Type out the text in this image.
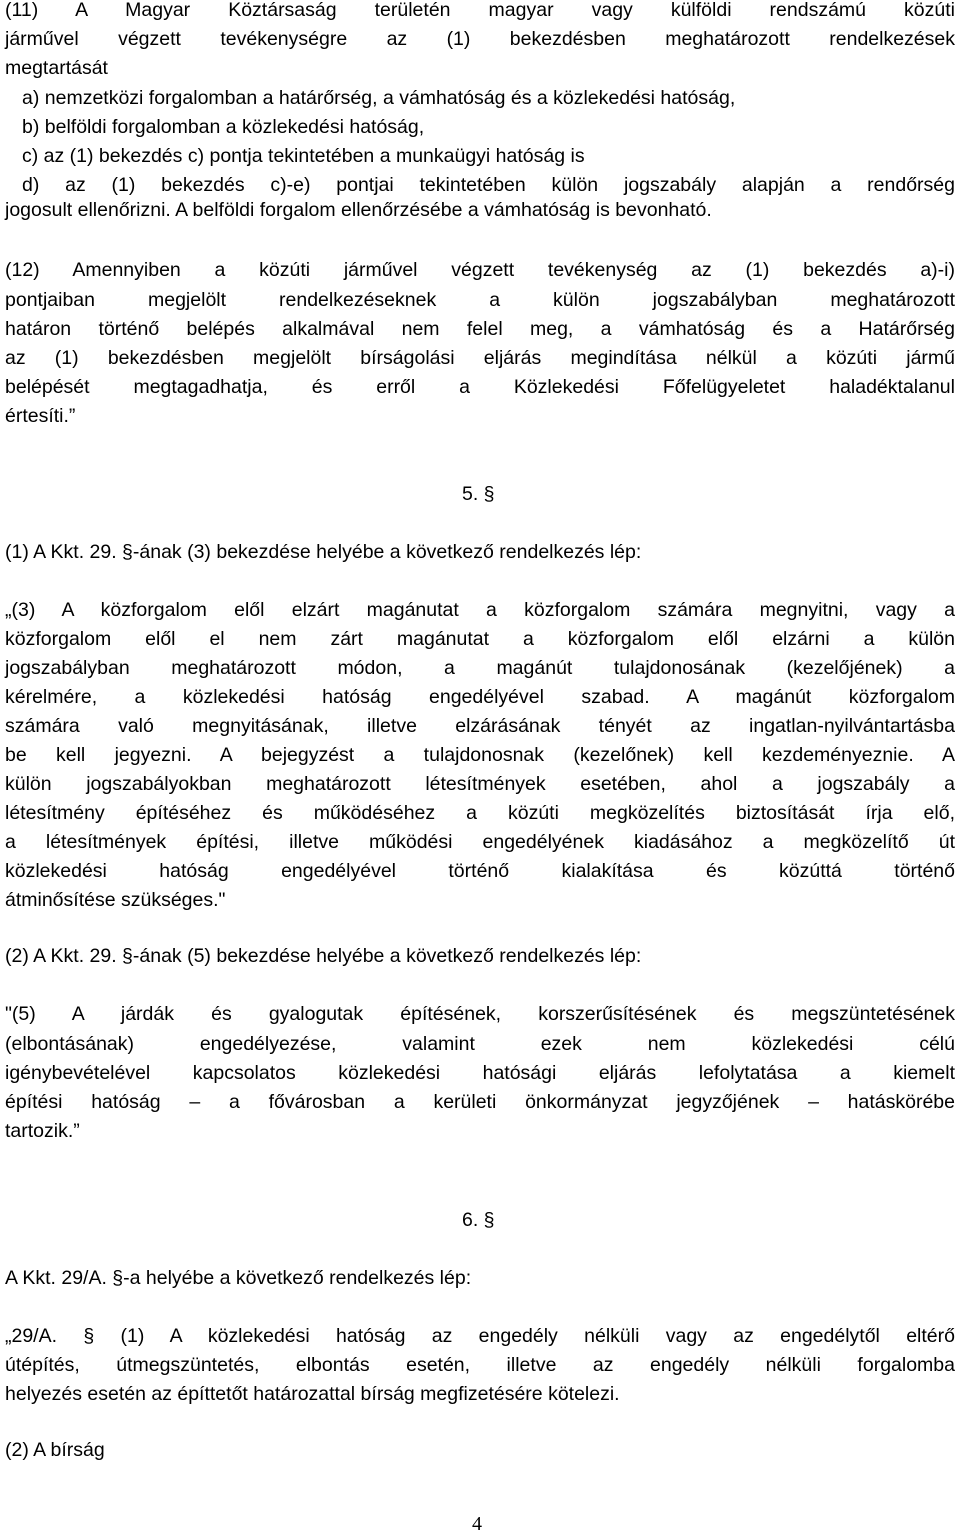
(11) A Magyar Köztársaság területén magyar vagy külföldi rendszámú közúti
járművel végzett tevékenységre az (1) bekezdésben meghatározott rendelkezések
megtartását
a) nemzetközi forgalomban a határőrség, a vámhatóság és a közlekedési hatóság,
b) belföldi forgalomban a közlekedési hatóság,
c) az (1) bekezdés c) pontja tekintetében a munkaügyi hatóság is
d) az (1) bekezdés c)-e) pontjai tekintetében külön jogszabály alapján a rendőrség
jogosult ellenőrizni. A belföldi forgalom ellenőrzésébe a vámhatóság is bevonható.
(12) Amennyiben a közúti járművel végzett tevékenység az (1) bekezdés a)-i)
pontjaiban megjelölt rendelkezéseknek a külön jogszabályban meghatározott
határon történő belépés alkalmával nem felel meg, a vámhatóság és a Határőrség
az (1) bekezdésben megjelölt bírságolási eljárás megindítása nélkül a közúti jármű
belépését megtagadhatja, és erről a Közlekedési Főfelügyeletet haladéktalanul
értesíti.”
5. §
(1) A Kkt. 29. §-ának (3) bekezdése helyébe a következő rendelkezés lép:
„(3) A közforgalom elől elzárt magánutat a közforgalom számára megnyitni, vagy a
közforgalom elől el nem zárt magánutat a közforgalom elől elzárni a külön
jogszabályban meghatározott módon, a magánút tulajdonosának (kezelőjének) a
kérelmére, a közlekedési hatóság engedélyével szabad. A magánút közforgalom
számára való megnyitásának, illetve elzárásának tényét az ingatlan-nyilvántartásba
be kell jegyezni. A bejegyzést a tulajdonosnak (kezelőnek) kell kezdeményeznie. A
külön jogszabályokban meghatározott létesítmények esetében, ahol a jogszabály a
létesítmény építéséhez és működéséhez a közúti megközelítés biztosítását írja elő,
a létesítmények építési, illetve működési engedélyének kiadásához a megközelítő út
közlekedési hatóság engedélyével történő kialakítása és közúttá történő
átminősítése szükséges."
(2) A Kkt. 29. §-ának (5) bekezdése helyébe a következő rendelkezés lép:
"(5) A járdák és gyalogutak építésének, korszerűsítésének és megszüntetésének
(elbontásának) engedélyezése, valamint ezek nem közlekedési célú
igénybevételével kapcsolatos közlekedési hatósági eljárás lefolytatása a kiemelt
építési hatóság – a fővárosban a kerületi önkormányzat jegyzőjének – hatáskörébe
tartozik.”
6. §
A Kkt. 29/A. §-a helyébe a következő rendelkezés lép:
„29/A. § (1) A közlekedési hatóság az engedély nélküli vagy az engedélytől eltérő
útépítés, útmegszüntetés, elbontás esetén, illetve az engedély nélküli forgalomba
helyezés esetén az építtetőt határozattal bírság megfizetésére kötelezi.
(2) A bírság
4
